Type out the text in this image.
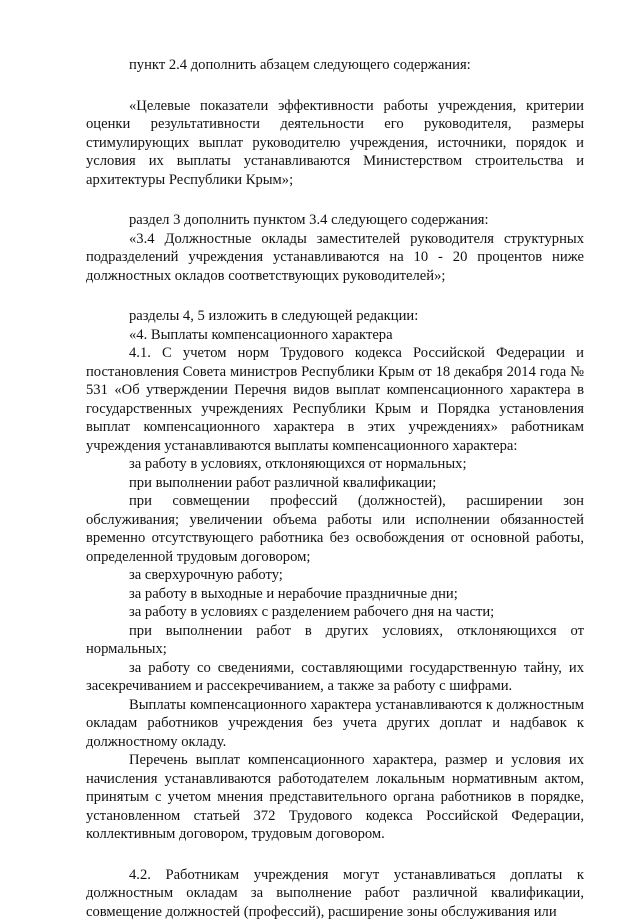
пункт 2.4 дополнить абзацем следующего содержания:

«Целевые показатели эффективности работы учреждения, критерии оценки результативности деятельности его руководителя, размеры стимулирующих выплат руководителю учреждения, источники, порядок и условия их выплаты устанавливаются Министерством строительства и архитектуры Республики Крым»;

раздел 3 дополнить пунктом 3.4 следующего содержания:

«3.4 Должностные оклады заместителей руководителя структурных подразделений учреждения устанавливаются на 10 - 20 процентов ниже должностных окладов соответствующих руководителей»;

разделы 4, 5 изложить в следующей редакции:

«4. Выплаты компенсационного характера

4.1. С учетом норм Трудового кодекса Российской Федерации и постановления Совета министров Республики Крым от 18 декабря 2014 года № 531 «Об утверждении Перечня видов выплат компенсационного характера в государственных учреждениях Республики Крым и Порядка установления выплат компенсационного характера в этих учреждениях» работникам учреждения устанавливаются выплаты компенсационного характера:

за работу в условиях, отклоняющихся от нормальных;

при выполнении работ различной квалификации;

при совмещении профессий (должностей), расширении зон обслуживания; увеличении объема работы или исполнении обязанностей временно отсутствующего работника без освобождения от основной работы, определенной трудовым договором;

за сверхурочную работу;

за работу в выходные и нерабочие праздничные дни;

за работу в условиях с разделением рабочего дня на части;

при выполнении работ в других условиях, отклоняющихся от нормальных;

за работу со сведениями, составляющими государственную тайну, их засекречиванием и рассекречиванием, а также за работу с шифрами.

Выплаты компенсационного характера устанавливаются к должностным окладам работников учреждения без учета других доплат и надбавок к должностному окладу.

Перечень выплат компенсационного характера, размер и условия их начисления устанавливаются работодателем локальным нормативным актом, принятым с учетом мнения представительного органа работников в порядке, установленном статьей 372 Трудового кодекса Российской Федерации, коллективным договором, трудовым договором.

4.2. Работникам учреждения могут устанавливаться доплаты к должностным окладам за выполнение работ различной квалификации, совмещение должностей (профессий), расширение зоны обслуживания или
